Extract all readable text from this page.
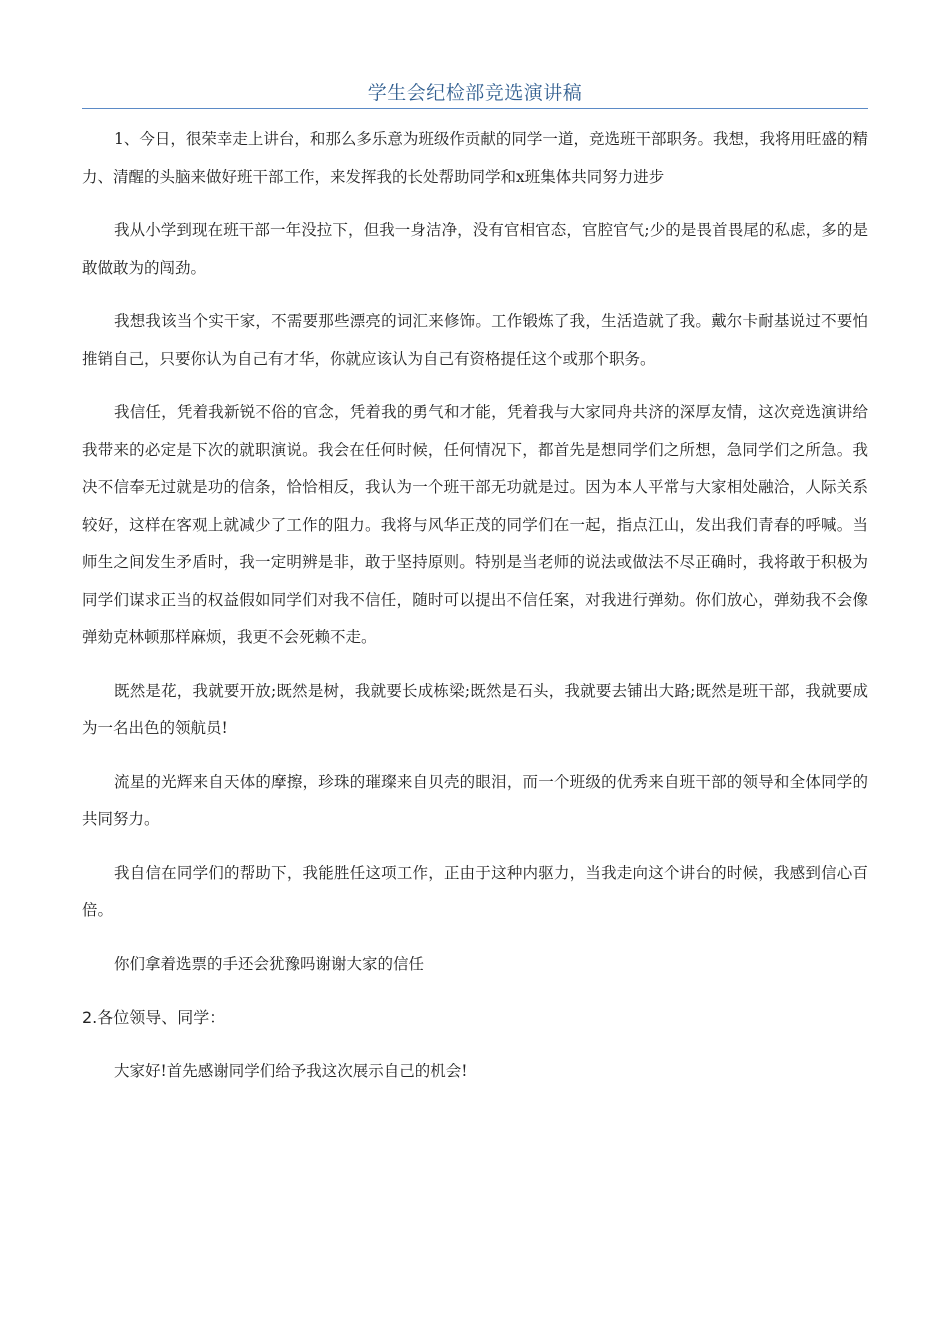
学生会纪检部竞选演讲稿

1、今日，很荣幸走上讲台，和那么多乐意为班级作贡献的同学一道，竞选班干部职务。我想，我将用旺盛的精力、清醒的头脑来做好班干部工作，来发挥我的长处帮助同学和x班集体共同努力进步

我从小学到现在班干部一年没拉下，但我一身洁净，没有官相官态，官腔官气;少的是畏首畏尾的私虑，多的是敢做敢为的闯劲。

我想我该当个实干家，不需要那些漂亮的词汇来修饰。工作锻炼了我，生活造就了我。戴尔卡耐基说过不要怕推销自己，只要你认为自己有才华，你就应该认为自己有资格提任这个或那个职务。

我信任，凭着我新锐不俗的官念，凭着我的勇气和才能，凭着我与大家同舟共济的深厚友情，这次竞选演讲给我带来的必定是下次的就职演说。我会在任何时候，任何情况下，都首先是想同学们之所想，急同学们之所急。我决不信奉无过就是功的信条，恰恰相反，我认为一个班干部无功就是过。因为本人平常与大家相处融洽，人际关系较好，这样在客观上就减少了工作的阻力。我将与风华正茂的同学们在一起，指点江山，发出我们青春的呼喊。当师生之间发生矛盾时，我一定明辨是非，敢于坚持原则。特别是当老师的说法或做法不尽正确时，我将敢于积极为同学们谋求正当的权益假如同学们对我不信任，随时可以提出不信任案，对我进行弹劾。你们放心，弹劾我不会像弹劾克林顿那样麻烦，我更不会死赖不走。

既然是花，我就要开放;既然是树，我就要长成栋梁;既然是石头，我就要去铺出大路;既然是班干部，我就要成为一名出色的领航员!

流星的光辉来自天体的摩擦，珍珠的璀璨来自贝壳的眼泪，而一个班级的优秀来自班干部的领导和全体同学的共同努力。

我自信在同学们的帮助下，我能胜任这项工作，正由于这种内驱力，当我走向这个讲台的时候，我感到信心百倍。

你们拿着选票的手还会犹豫吗谢谢大家的信任

2.各位领导、同学：

大家好!首先感谢同学们给予我这次展示自己的机会!
